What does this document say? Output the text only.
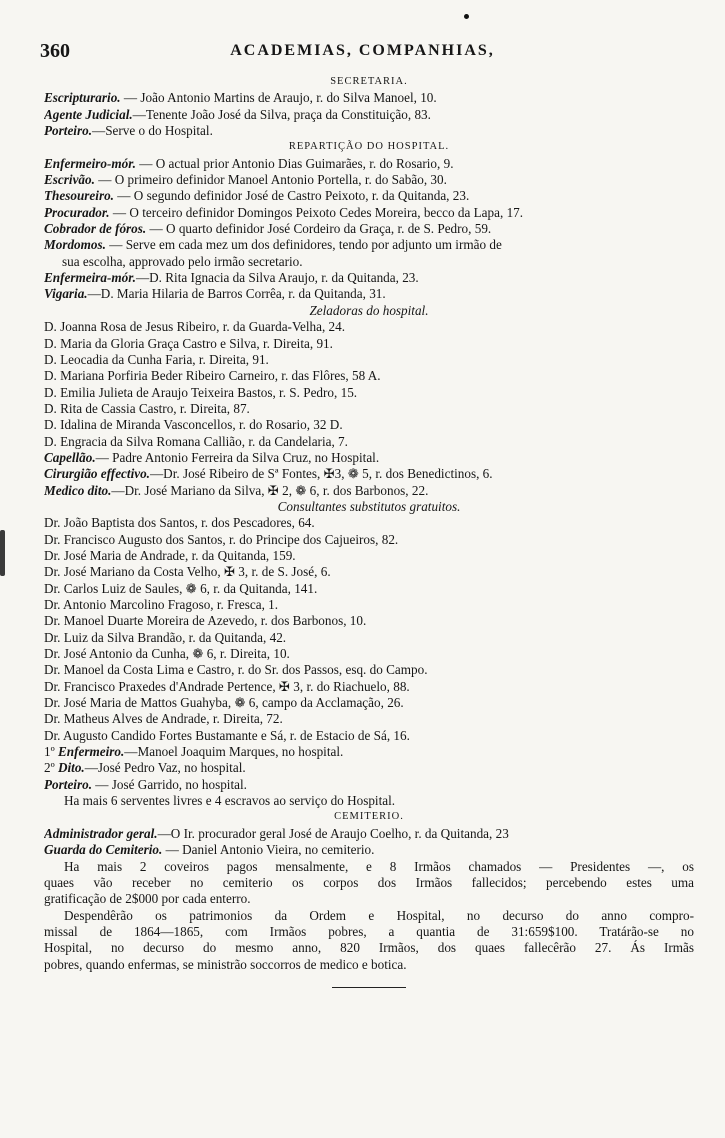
360	ACADEMIAS, COMPANHIAS,
SECRETARIA.
Escripturario. — João Antonio Martins de Araujo, r. do Silva Manoel, 10.
Agente Judicial.—Tenente João José da Silva, praça da Constituição, 83.
Porteiro.—Serve o do Hospital.
REPARTIÇÃO DO HOSPITAL.
Enfermeiro-mór. — O actual prior Antonio Dias Guimarães, r. do Rosario, 9.
Escrivão. — O primeiro definidor Manoel Antonio Portella, r. do Sabão, 30.
Thesoureiro. — O segundo definidor José de Castro Peixoto, r. da Quitanda, 23.
Procurador. — O terceiro definidor Domingos Peixoto Cedes Moreira, becco da Lapa, 17.
Cobrador de fóros. — O quarto definidor José Cordeiro da Graça, r. de S. Pedro, 59.
Mordomos. — Serve em cada mez um dos definidores, tendo por adjunto um irmão de
sua escolha, approvado pelo irmão secretario.
Enfermeira-mór.—D. Rita Ignacia da Silva Araujo, r. da Quitanda, 23.
Vigaria.—D. Maria Hilaria de Barros Corrêa, r. da Quitanda, 31.
Zeladoras do hospital.
D. Joanna Rosa de Jesus Ribeiro, r. da Guarda-Velha, 24.
D. Maria da Gloria Graça Castro e Silva, r. Direita, 91.
D. Leocadia da Cunha Faria, r. Direita, 91.
D. Mariana Porfiria Beder Ribeiro Carneiro, r. das Flôres, 58 A.
D. Emilia Julieta de Araujo Teixeira Bastos, r. S. Pedro, 15.
D. Rita de Cassia Castro, r. Direita, 87.
D. Idalina de Miranda Vasconcellos, r. do Rosario, 32 D.
D. Engracia da Silva Romana Callião, r. da Candelaria, 7.
Capellão.— Padre Antonio Ferreira da Silva Cruz, no Hospital.
Cirurgião effectivo.—Dr. José Ribeiro de Sª Fontes, ✠3, ❁ 5, r. dos Benedictinos, 6.
Medico dito.—Dr. José Mariano da Silva, ✠ 2, ❁ 6, r. dos Barbonos, 22.
Consultantes substitutos gratuitos.
Dr. João Baptista dos Santos, r. dos Pescadores, 64.
Dr. Francisco Augusto dos Santos, r. do Principe dos Cajueiros, 82.
Dr. José Maria de Andrade, r. da Quitanda, 159.
Dr. José Mariano da Costa Velho, ✠ 3, r. de S. José, 6.
Dr. Carlos Luiz de Saules, ❁ 6, r. da Quitanda, 141.
Dr. Antonio Marcolino Fragoso, r. Fresca, 1.
Dr. Manoel Duarte Moreira de Azevedo, r. dos Barbonos, 10.
Dr. Luiz da Silva Brandão, r. da Quitanda, 42.
Dr. José Antonio da Cunha, ❁ 6, r. Direita, 10.
Dr. Manoel da Costa Lima e Castro, r. do Sr. dos Passos, esq. do Campo.
Dr. Francisco Praxedes d'Andrade Pertence, ✠ 3, r. do Riachuelo, 88.
Dr. José Maria de Mattos Guahyba, ❁ 6, campo da Acclamação, 26.
Dr. Matheus Alves de Andrade, r. Direita, 72.
Dr. Augusto Candido Fortes Bustamante e Sá, r. de Estacio de Sá, 16.
1º Enfermeiro.—Manoel Joaquim Marques, no hospital.
2º Dito.—José Pedro Vaz, no hospital.
Porteiro. — José Garrido, no hospital.
Ha mais 6 serventes livres e 4 escravos ao serviço do Hospital.
CEMITERIO.
Administrador geral.—O Ir. procurador geral José de Araujo Coelho, r. da Quitanda, 23
Guarda do Cemiterio. — Daniel Antonio Vieira, no cemiterio.
Ha mais 2 coveiros pagos mensalmente, e 8 Irmãos chamados — Presidentes —, os
quaes vão receber no cemiterio os corpos dos Irmãos fallecidos; percebendo estes uma
gratificação de 2$000 por cada enterro.
Despendêrão os patrimonios da Ordem e Hospital, no decurso do anno compro-
missal de 1864—1865, com Irmãos pobres, a quantia de 31:659$100. Tratárão-se no
Hospital, no decurso do mesmo anno, 820 Irmãos, dos quaes fallecêrão 27. Ás Irmãs
pobres, quando enfermas, se ministrão soccorros de medico e botica.
